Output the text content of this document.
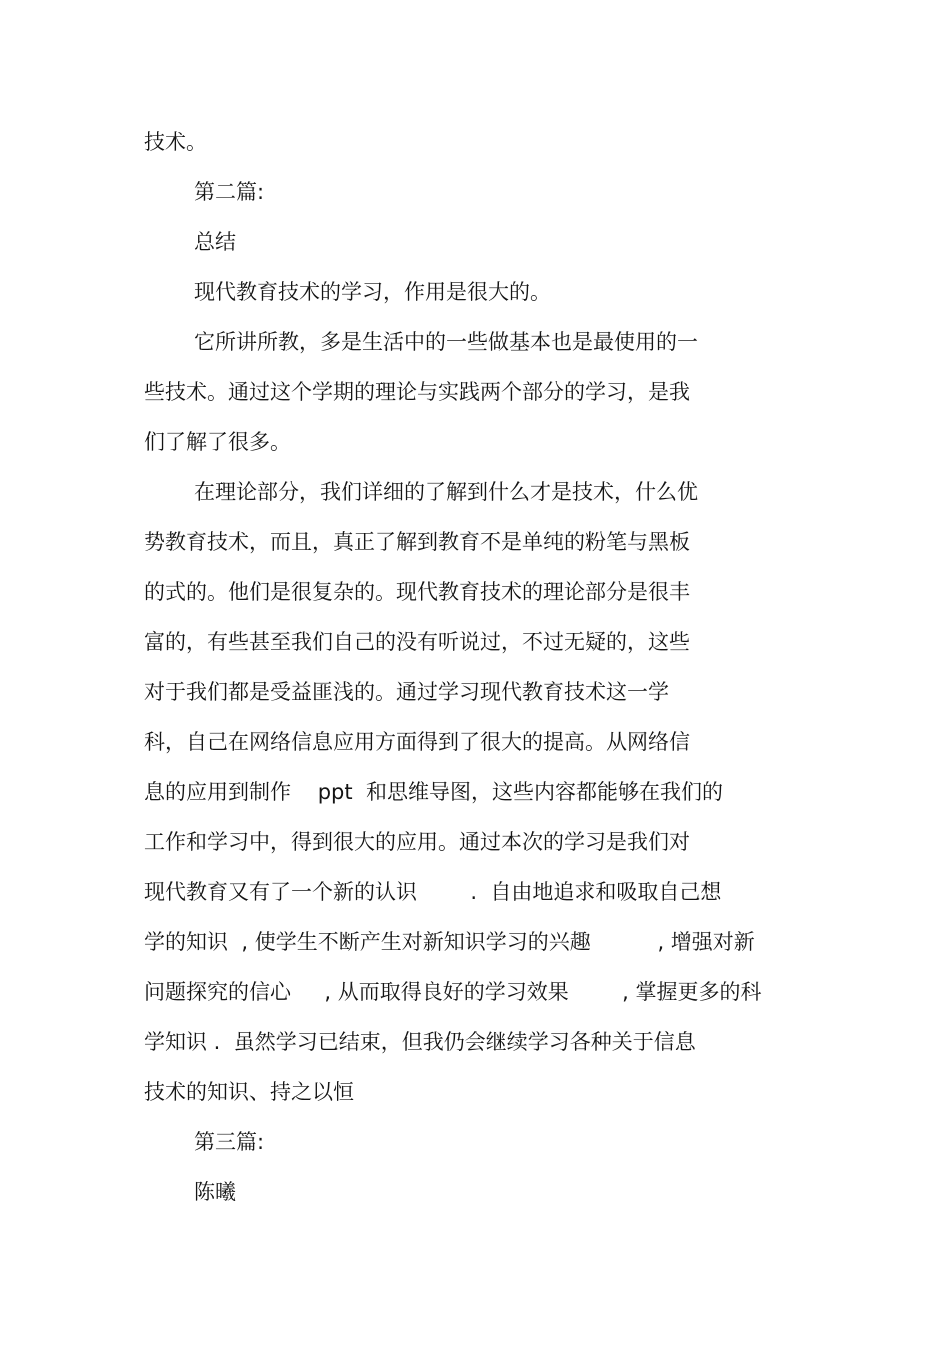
技术。
第二篇:
总结
现代教育技术的学习，作用是很大的。
它所讲所教，多是生活中的一些做基本也是最使用的一
些技术。通过这个学期的理论与实践两个部分的学习，是我
们了解了很多。
在理论部分，我们详细的了解到什么才是技术，什么优
势教育技术，而且，真正了解到教育不是单纯的粉笔与黑板
的式的。他们是很复杂的。现代教育技术的理论部分是很丰
富的，有些甚至我们自己的没有听说过，不过无疑的，这些
对于我们都是受益匪浅的。通过学习现代教育技术这一学
科，自己在网络信息应用方面得到了很大的提高。从网络信
息的应用到制作    ppt  和思维导图，这些内容都能够在我们的
工作和学习中，得到很大的应用。通过本次的学习是我们对
现代教育又有了一个新的认识        .  自由地追求和吸取自己想
学的知识  , 使学生不断产生对新知识学习的兴趣          , 增强对新
问题探究的信心     , 从而取得良好的学习效果        , 掌握更多的科
学知识 .  虽然学习已结束，但我仍会继续学习各种关于信息
技术的知识、持之以恒
第三篇:
陈曦
